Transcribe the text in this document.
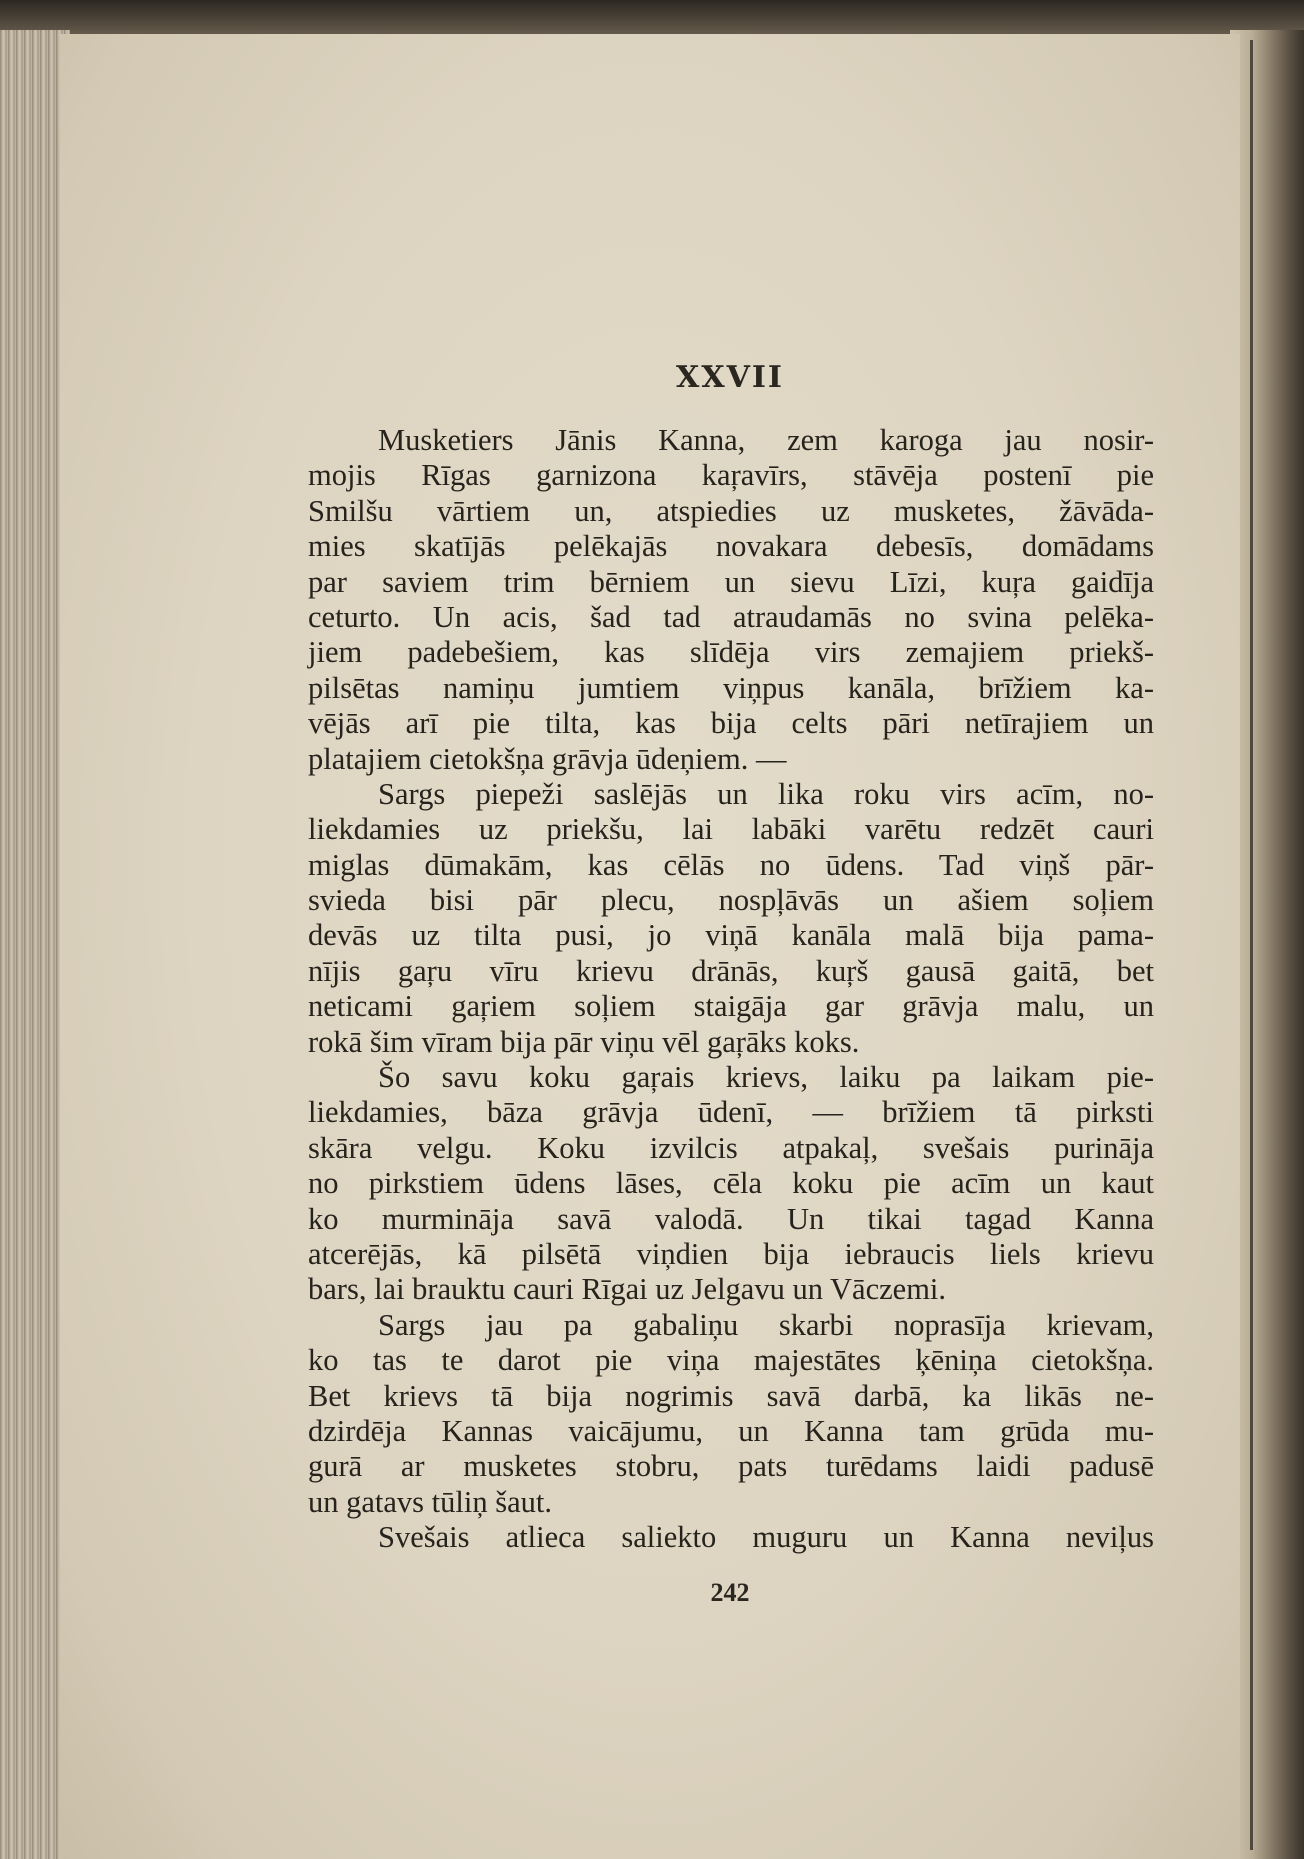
XXVII
Musketiers Jānis Kanna, zem karoga jau nosir-
mojis Rīgas garnizona kaŗavīrs, stāvēja postenī pie
Smilšu vārtiem un, atspiedies uz musketes, žāvāda-
mies skatījās pelēkajās novakara debesīs, domādams
par saviem trim bērniem un sievu Līzi, kuŗa gaidīja
ceturto. Un acis, šad tad atraudamās no svina pelēka-
jiem padebešiem, kas slīdēja virs zemajiem priekš-
pilsētas namiņu jumtiem viņpus kanāla, brīžiem ka-
vējās arī pie tilta, kas bija celts pāri netīrajiem un
platajiem cietokšņa grāvja ūdeņiem. —
Sargs piepeži saslējās un lika roku virs acīm, no-
liekdamies uz priekšu, lai labāki varētu redzēt cauri
miglas dūmakām, kas cēlās no ūdens. Tad viņš pār-
svieda bisi pār plecu, nospļāvās un ašiem soļiem
devās uz tilta pusi, jo viņā kanāla malā bija pama-
nījis gaŗu vīru krievu drānās, kuŗš gausā gaitā, bet
neticami gaŗiem soļiem staigāja gar grāvja malu, un
rokā šim vīram bija pār viņu vēl gaŗāks koks.
Šo savu koku gaŗais krievs, laiku pa laikam pie-
liekdamies, bāza grāvja ūdenī, — brīžiem tā pirksti
skāra velgu. Koku izvilcis atpakaļ, svešais purināja
no pirkstiem ūdens lāses, cēla koku pie acīm un kaut
ko murmināja savā valodā. Un tikai tagad Kanna
atcerējās, kā pilsētā viņdien bija iebraucis liels krievu
bars, lai brauktu cauri Rīgai uz Jelgavu un Vāczemi.
Sargs jau pa gabaliņu skarbi noprasīja krievam,
ko tas te darot pie viņa majestātes ķēniņa cietokšņa.
Bet krievs tā bija nogrimis savā darbā, ka likās ne-
dzirdēja Kannas vaicājumu, un Kanna tam grūda mu-
gurā ar musketes stobru, pats turēdams laidi padusē
un gatavs tūliņ šaut.
Svešais atlieca saliekto muguru un Kanna neviļus

242
